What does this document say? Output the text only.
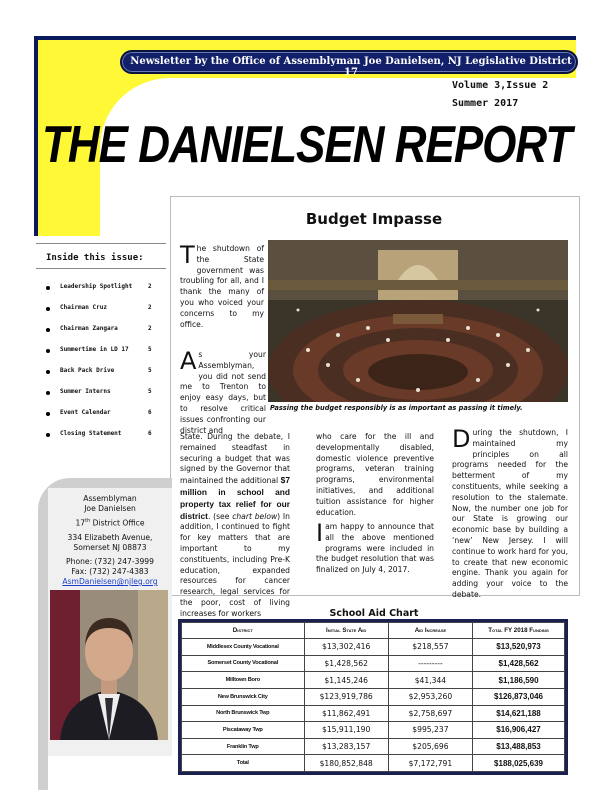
Newsletter by the Office of Assemblyman Joe Danielsen, NJ Legislative District 17
Volume 3,Issue 2
Summer 2017
THE DANIELSEN REPORT
Budget Impasse
Passing the budget responsibly is as important as passing it timely.
The shutdown of the State government was troubling for all, and I thank the many of you who voiced your concerns to my office.
As your Assemblyman, you did not send me to Trenton to enjoy easy days, but to resolve critical issues confronting our district and
State. During the debate, I remained steadfast in securing a budget that was signed by the Governor that maintained the additional $7 million in school and property tax relief for our district. (see chart below) In addition, I continued to fight for key matters that are important to my constituents, including Pre-K education, expanded resources for cancer research, legal services for the poor, cost of living increases for workers
who care for the ill and developmentally disabled, domestic violence preventive programs, veteran training programs, environmental initiatives, and additional tuition assistance for higher education.
I am happy to announce that all the above mentioned programs were included in the budget resolution that was finalized on July 4, 2017.
During the shutdown, I maintained my principles on all programs needed for the betterment of my constituents, while seeking a resolution to the stalemate. Now, the number one job for our State is growing our economic base by building a ‘new’ New Jersey. I will continue to work hard for you, to create that new economic engine. Thank you again for adding your voice to the debate.
Inside this issue:
Leadership Spotlight	2
Chairman Cruz	2
Chairman Zangara	2
Summertime in LD 17	5
Back Pack Drive	5
Summer Interns	5
Event Calendar	6
Closing Statement	6
Assemblyman
Joe Danielsen
17th District Office
334 Elizabeth Avenue,
Somerset NJ 08873
Phone: (732) 247-3999
Fax: (732) 247-4383
AsmDanielsen@njleg.org
School Aid Chart
District	Initial State Aid	Aid Increase	Total FY 2018 Funding
Middlesex County Vocational	$13,302,416	$218,557	$13,520,973
Somerset County Vocational	$1,428,562	---------	$1,428,562
Milltown Boro	$1,145,246	$41,344	$1,186,590
New Brunswick City	$123,919,786	$2,953,260	$126,873,046
North Brunswick Twp	$11,862,491	$2,758,697	$14,621,188
Piscataway Twp	$15,911,190	$995,237	$16,906,427
Franklin Twp	$13,283,157	$205,696	$13,488,853
Total	$180,852,848	$7,172,791	$188,025,639
